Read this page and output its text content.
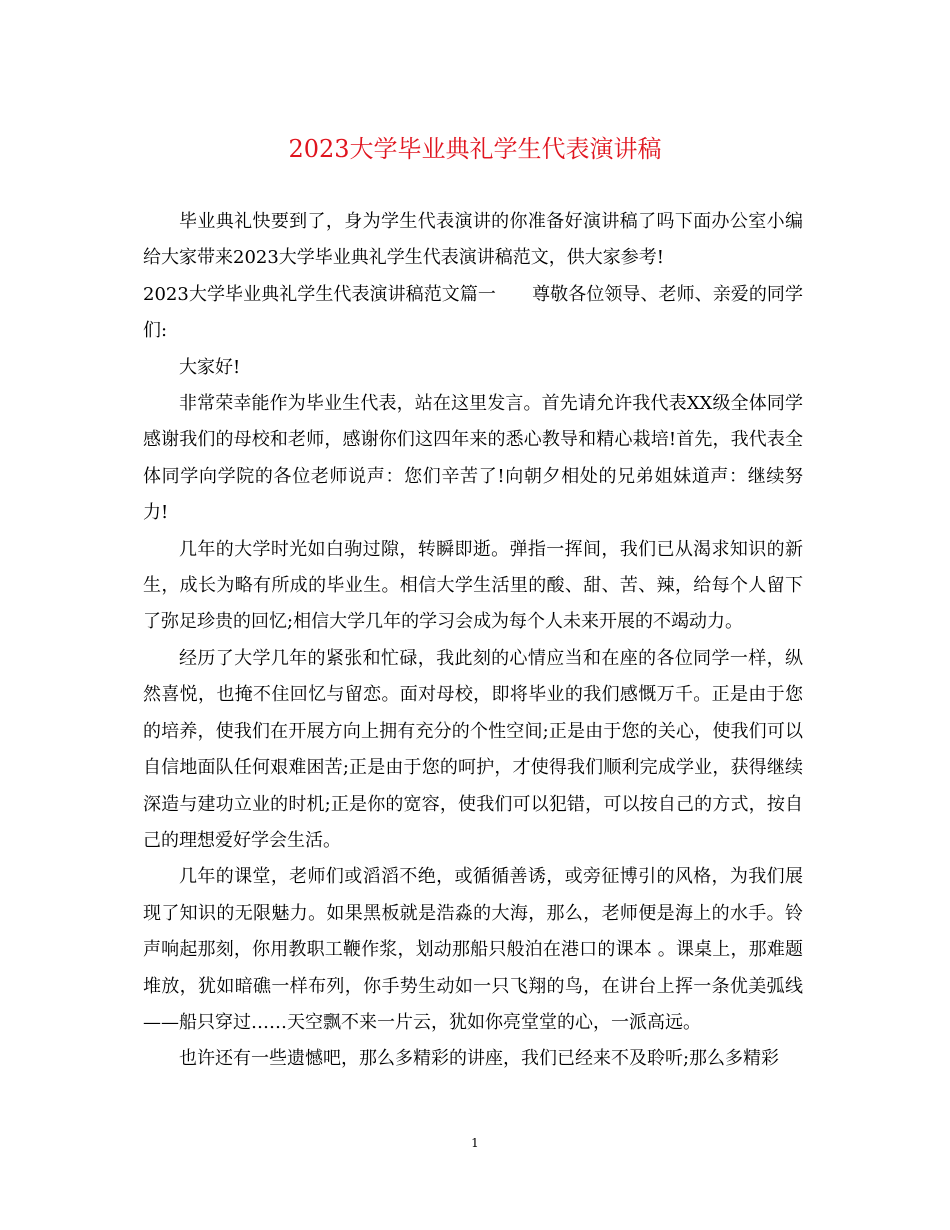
2023大学毕业典礼学生代表演讲稿

毕业典礼快要到了，身为学生代表演讲的你准备好演讲稿了吗下面办公室小编给大家带来2023大学毕业典礼学生代表演讲稿范文，供大家参考!

2023大学毕业典礼学生代表演讲稿范文篇一 尊敬各位领导、老师、亲爱的同学们:

大家好!

非常荣幸能作为毕业生代表，站在这里发言。首先请允许我代表XX级全体同学感谢我们的母校和老师，感谢你们这四年来的悉心教导和精心栽培!首先，我代表全体同学向学院的各位老师说声：您们辛苦了!向朝夕相处的兄弟姐妹道声：继续努力!

几年的大学时光如白驹过隙，转瞬即逝。弹指一挥间，我们已从渴求知识的新生，成长为略有所成的毕业生。相信大学生活里的酸、甜、苦、辣，给每个人留下了弥足珍贵的回忆;相信大学几年的学习会成为每个人未来开展的不竭动力。

经历了大学几年的紧张和忙碌，我此刻的心情应当和在座的各位同学一样，纵然喜悦，也掩不住回忆与留恋。面对母校，即将毕业的我们感慨万千。正是由于您的培养，使我们在开展方向上拥有充分的个性空间;正是由于您的关心，使我们可以自信地面队任何艰难困苦;正是由于您的呵护，才使得我们顺利完成学业，获得继续深造与建功立业的时机;正是你的宽容，使我们可以犯错，可以按自己的方式，按自己的理想爱好学会生活。

几年的课堂，老师们或滔滔不绝，或循循善诱，或旁征博引的风格，为我们展现了知识的无限魅力。如果黑板就是浩淼的大海，那么，老师便是海上的水手。铃声响起那刻，你用教职工鞭作浆，划动那船只般泊在港口的课本 。课桌上，那难题堆放，犹如暗礁一样布列，你手势生动如一只飞翔的鸟，在讲台上挥一条优美弧线——船只穿过……天空飘不来一片云，犹如你亮堂堂的心，一派高远。

也许还有一些遗憾吧，那么多精彩的讲座，我们已经来不及聆听;那么多精彩

1
